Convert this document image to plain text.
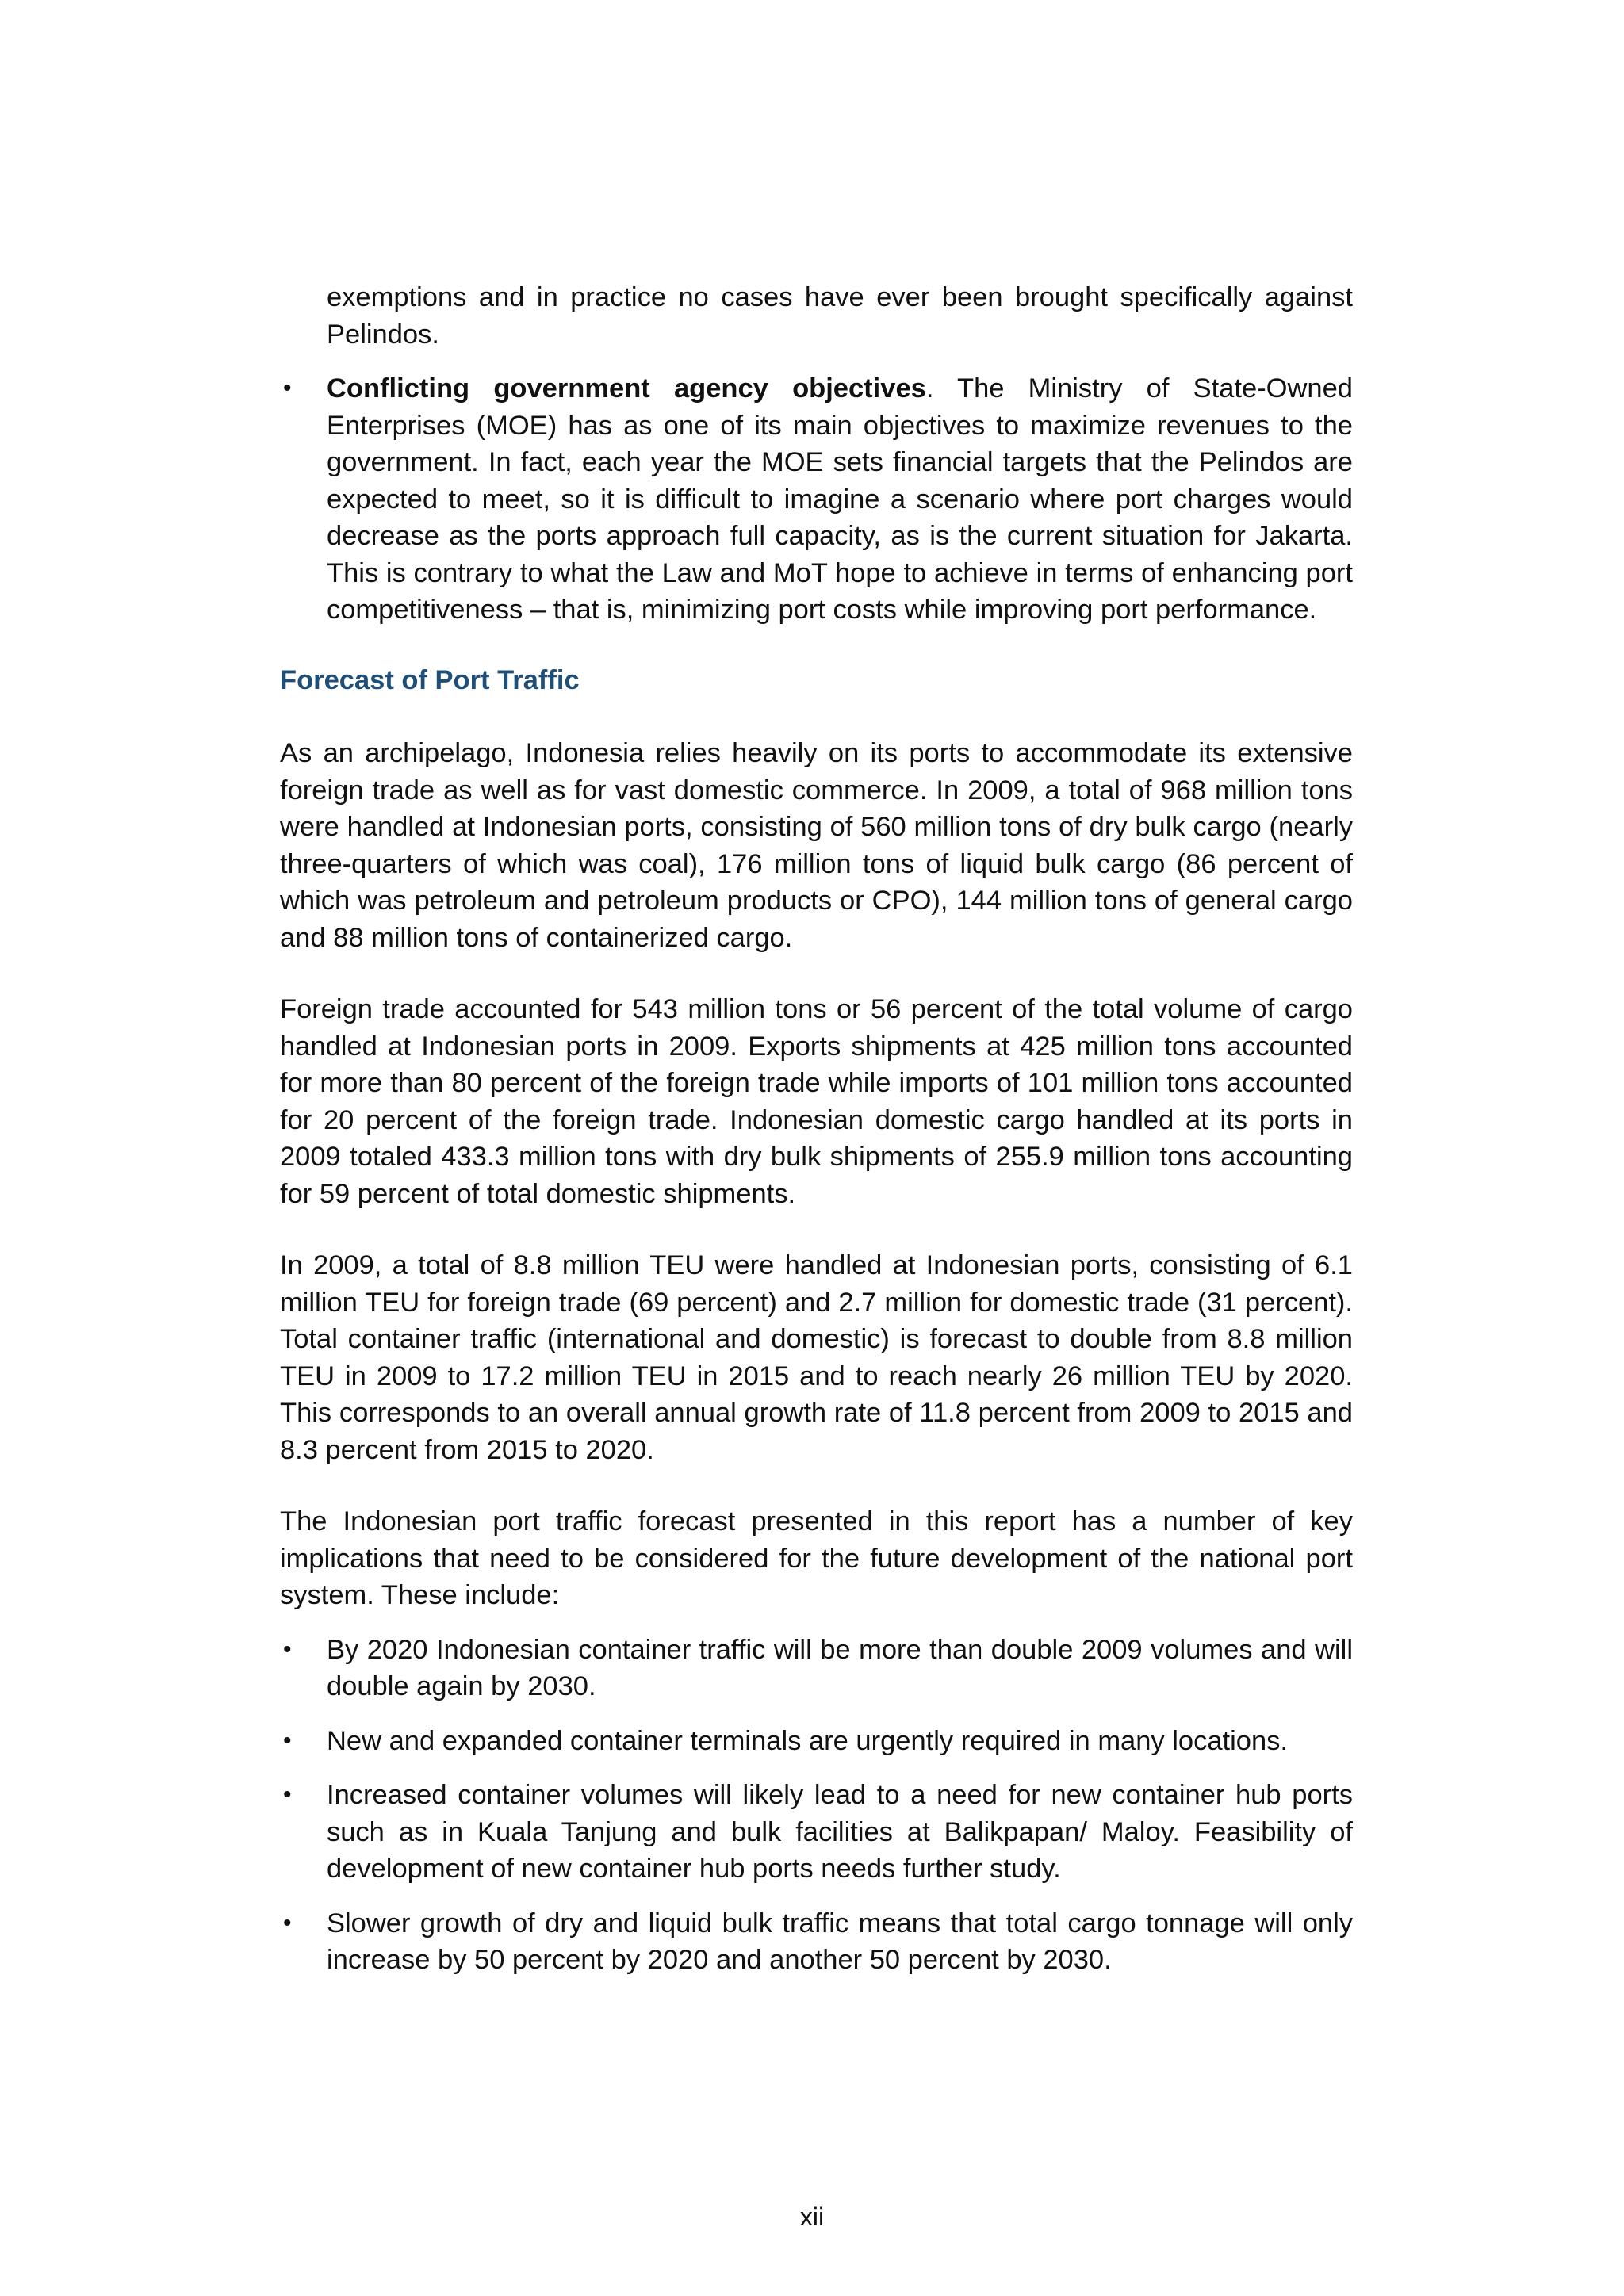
exemptions and in practice no cases have ever been brought specifically against Pelindos.

• Conflicting government agency objectives. The Ministry of State-Owned Enterprises (MOE) has as one of its main objectives to maximize revenues to the government. In fact, each year the MOE sets financial targets that the Pelindos are expected to meet, so it is difficult to imagine a scenario where port charges would decrease as the ports approach full capacity, as is the current situation for Jakarta. This is contrary to what the Law and MoT hope to achieve in terms of enhancing port competitiveness – that is, minimizing port costs while improving port performance.
Forecast of Port Traffic

As an archipelago, Indonesia relies heavily on its ports to accommodate its extensive foreign trade as well as for vast domestic commerce. In 2009, a total of 968 million tons were handled at Indonesian ports, consisting of 560 million tons of dry bulk cargo (nearly three-quarters of which was coal), 176 million tons of liquid bulk cargo (86 percent of which was petroleum and petroleum products or CPO), 144 million tons of general cargo and 88 million tons of containerized cargo.

Foreign trade accounted for 543 million tons or 56 percent of the total volume of cargo handled at Indonesian ports in 2009. Exports shipments at 425 million tons accounted for more than 80 percent of the foreign trade while imports of 101 million tons accounted for 20 percent of the foreign trade. Indonesian domestic cargo handled at its ports in 2009 totaled 433.3 million tons with dry bulk shipments of 255.9 million tons accounting for 59 percent of total domestic shipments.

In 2009, a total of 8.8 million TEU were handled at Indonesian ports, consisting of 6.1 million TEU for foreign trade (69 percent) and 2.7 million for domestic trade (31 percent). Total container traffic (international and domestic) is forecast to double from 8.8 million TEU in 2009 to 17.2 million TEU in 2015 and to reach nearly 26 million TEU by 2020. This corresponds to an overall annual growth rate of 11.8 percent from 2009 to 2015 and 8.3 percent from 2015 to 2020.

The Indonesian port traffic forecast presented in this report has a number of key implications that need to be considered for the future development of the national port system. These include:

• By 2020 Indonesian container traffic will be more than double 2009 volumes and will double again by 2030.
• New and expanded container terminals are urgently required in many locations.
• Increased container volumes will likely lead to a need for new container hub ports such as in Kuala Tanjung and bulk facilities at Balikpapan/ Maloy. Feasibility of development of new container hub ports needs further study.
• Slower growth of dry and liquid bulk traffic means that total cargo tonnage will only increase by 50 percent by 2020 and another 50 percent by 2030.
xii
